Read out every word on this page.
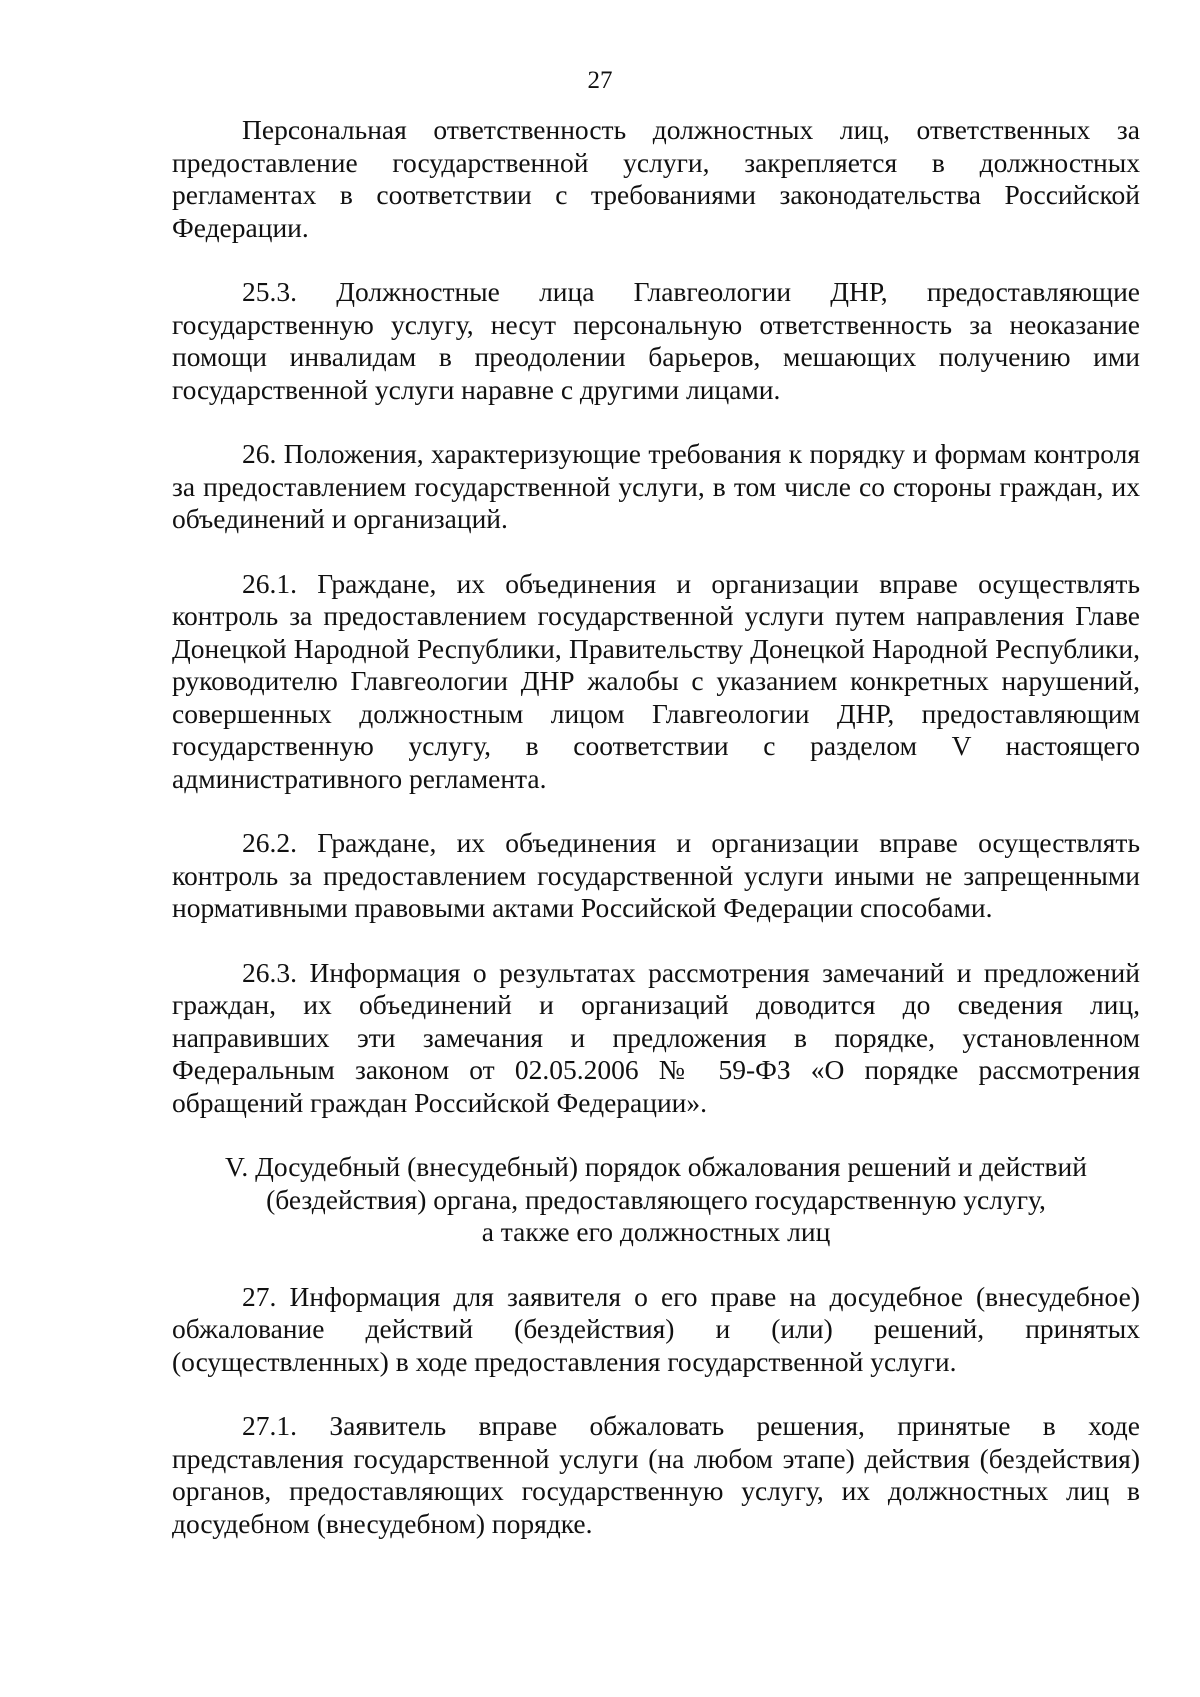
27

Персональная ответственность должностных лиц, ответственных за предоставление государственной услуги, закрепляется в должностных регламентах в соответствии с требованиями законодательства Российской Федерации.

25.3. Должностные лица Главгеологии ДНР, предоставляющие государственную услугу, несут персональную ответственность за неоказание помощи инвалидам в преодолении барьеров, мешающих получению ими государственной услуги наравне с другими лицами.

26. Положения, характеризующие требования к порядку и формам контроля за предоставлением государственной услуги, в том числе со стороны граждан, их объединений и организаций.

26.1. Граждане, их объединения и организации вправе осуществлять контроль за предоставлением государственной услуги путем направления Главе Донецкой Народной Республики, Правительству Донецкой Народной Республики, руководителю Главгеологии ДНР жалобы с указанием конкретных нарушений, совершенных должностным лицом Главгеологии ДНР, предоставляющим государственную услугу, в соответствии с разделом V настоящего административного регламента.

26.2. Граждане, их объединения и организации вправе осуществлять контроль за предоставлением государственной услуги иными не запрещенными нормативными правовыми актами Российской Федерации способами.

26.3. Информация о результатах рассмотрения замечаний и предложений граждан, их объединений и организаций доводится до сведения лиц, направивших эти замечания и предложения в порядке, установленном Федеральным законом от 02.05.2006 № 59-ФЗ «О порядке рассмотрения обращений граждан Российской Федерации».

V. Досудебный (внесудебный) порядок обжалования решений и действий
(бездействия) органа, предоставляющего государственную услугу,
а также его должностных лиц

27. Информация для заявителя о его праве на досудебное (внесудебное) обжалование действий (бездействия) и (или) решений, принятых (осуществленных) в ходе предоставления государственной услуги.

27.1. Заявитель вправе обжаловать решения, принятые в ходе представления государственной услуги (на любом этапе) действия (бездействия) органов, предоставляющих государственную услугу, их должностных лиц в досудебном (внесудебном) порядке.
